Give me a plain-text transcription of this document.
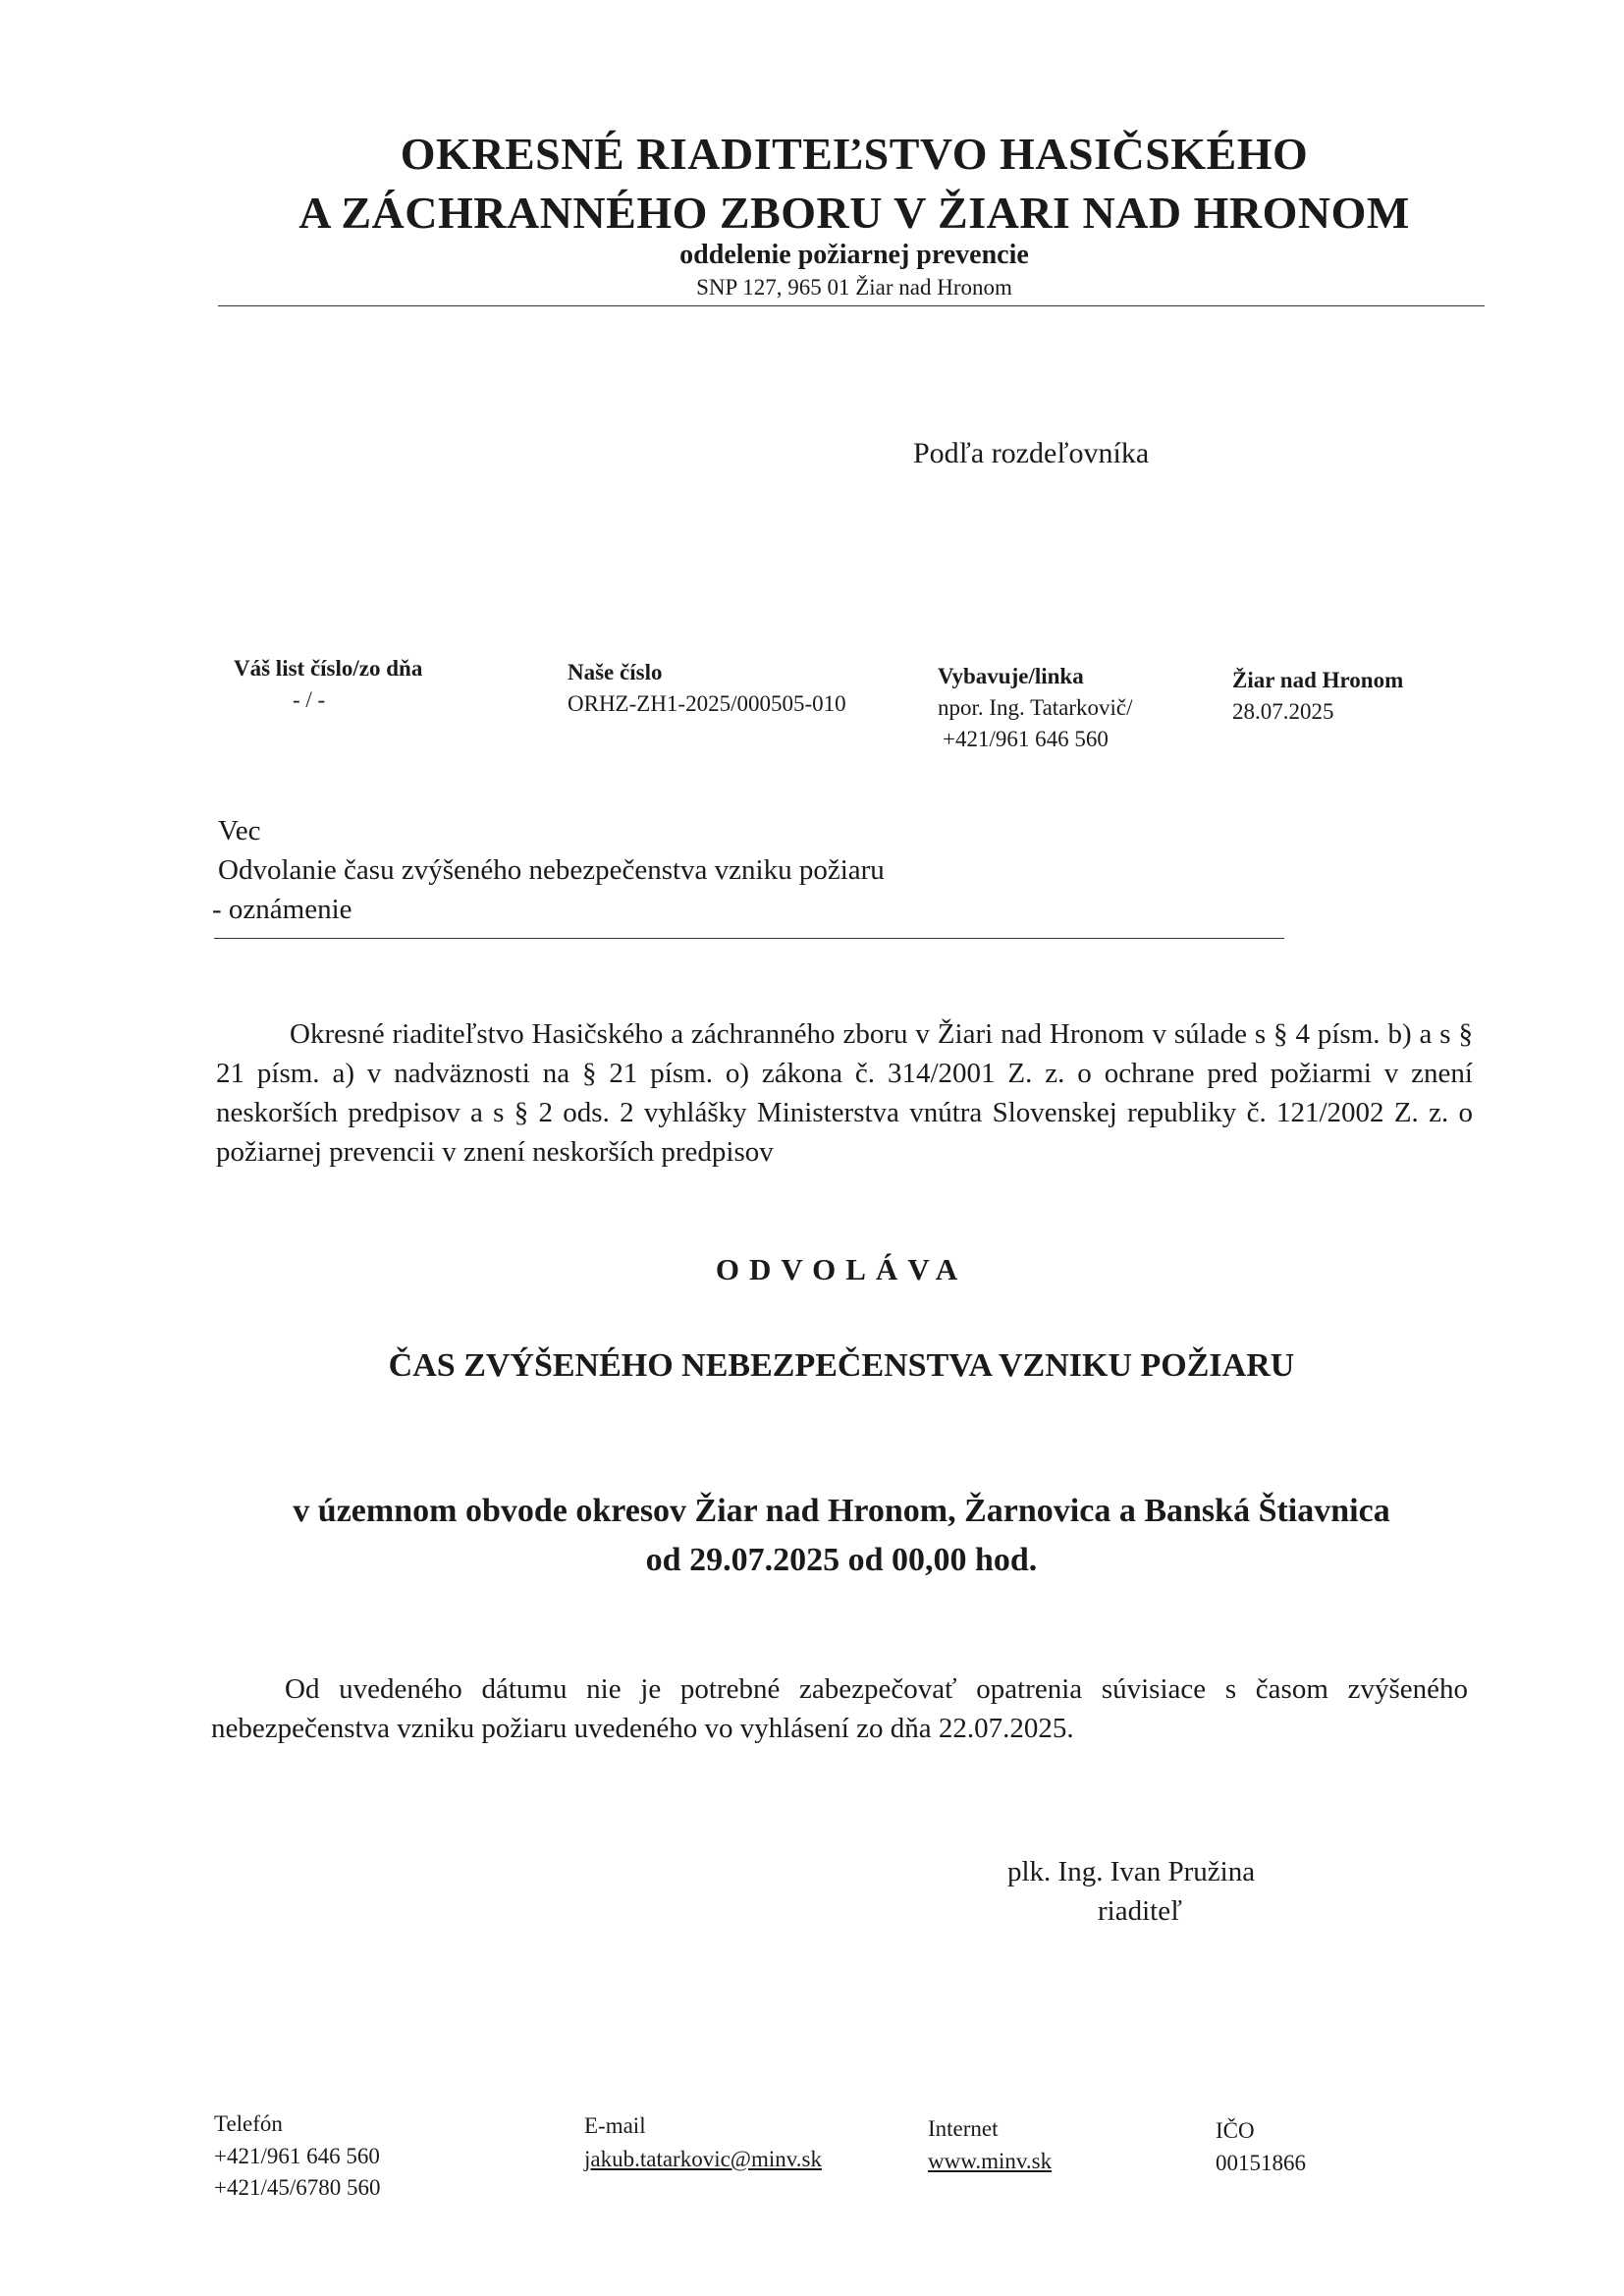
OKRESNÉ RIADITEĽSTVO HASIČSKÉHO
A ZÁCHRANNÉHO ZBORU V ŽIARI NAD HRONOM
oddelenie požiarnej prevencie
SNP 127, 965 01 Žiar nad Hronom
Podľa rozdeľovníka
Váš list číslo/zo dňa
- / -
Naše číslo
ORHZ-ZH1-2025/000505-010
Vybavuje/linka
npor. Ing. Tatarkovič/
+421/961 646 560
Žiar nad Hronom
28.07.2025
Vec
Odvolanie času zvýšeného nebezpečenstva vzniku požiaru
- oznámenie
Okresné riaditeľstvo Hasičského a záchranného zboru v Žiari nad Hronom v súlade s § 4 písm. b) a s § 21 písm. a) v nadväznosti na § 21 písm. o) zákona č. 314/2001 Z. z. o ochrane pred požiarmi v znení neskorších predpisov a s § 2 ods. 2 vyhlášky Ministerstva vnútra Slovenskej republiky č. 121/2002 Z. z. o požiarnej prevencii v znení neskorších predpisov
ODVOLÁVA
ČAS ZVÝŠENÉHO NEBEZPEČENSTVA VZNIKU POŽIARU
v územnom obvode okresov Žiar nad Hronom, Žarnovica a Banská Štiavnica
od 29.07.2025 od 00,00 hod.
Od uvedeného dátumu nie je potrebné zabezpečovať opatrenia súvisiace s časom zvýšeného nebezpečenstva vzniku požiaru uvedeného vo vyhlásení zo dňa 22.07.2025.
plk. Ing. Ivan Pružina
riaditeľ
Telefón
+421/961 646 560
+421/45/6780 560
E-mail
jakub.tatarkovic@minv.sk
Internet
www.minv.sk
IČO
00151866
